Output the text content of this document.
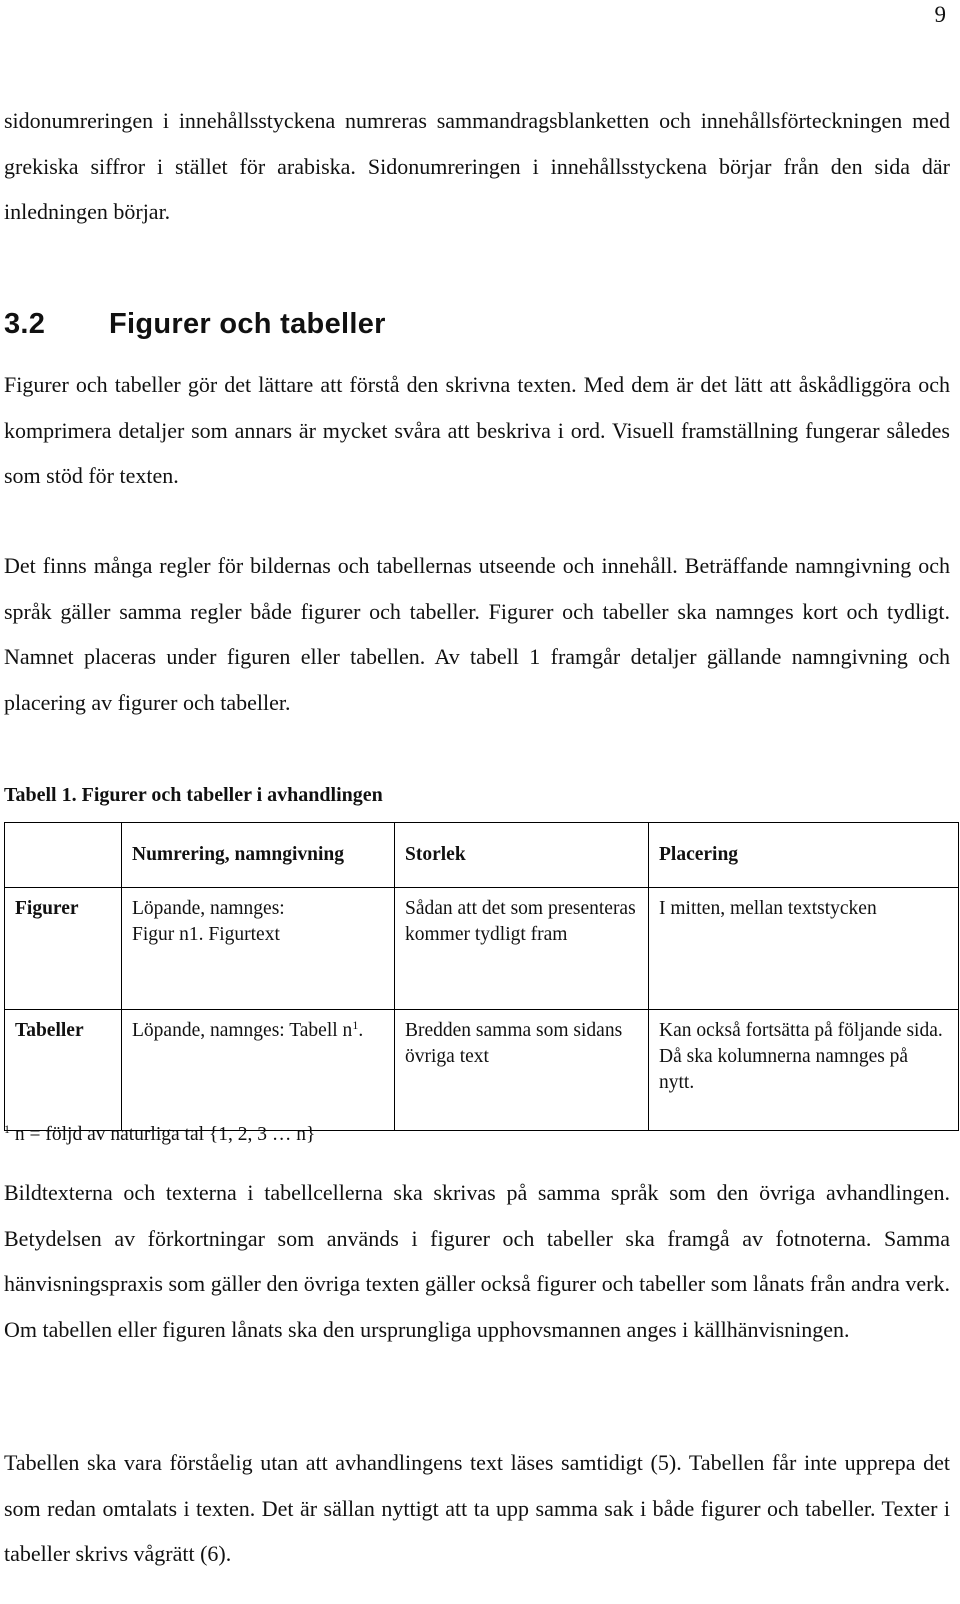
9

sidonumreringen i innehållsstyckena numreras sammandragsblanketten och innehållsförteckningen med grekiska siffror i stället för arabiska. Sidonumreringen i innehållsstyckena börjar från den sida där inledningen börjar.

3.2 Figurer och tabeller

Figurer och tabeller gör det lättare att förstå den skrivna texten. Med dem är det lätt att åskådliggöra och komprimera detaljer som annars är mycket svåra att beskriva i ord. Visuell framställning fungerar således som stöd för texten.

Det finns många regler för bildernas och tabellernas utseende och innehåll. Beträffande namngivning och språk gäller samma regler både figurer och tabeller. Figurer och tabeller ska namnges kort och tydligt. Namnet placeras under figuren eller tabellen. Av tabell 1 framgår detaljer gällande namngivning och placering av figurer och tabeller.

Tabell 1. Figurer och tabeller i avhandlingen

	Numrering, namngivning	Storlek	Placering
Figurer	Löpande, namnges:
Figur n1. Figurtext	Sådan att det som presenteras kommer tydligt fram	I mitten, mellan textstycken
Tabeller	Löpande, namnges: Tabell $n^1$.	Bredden samma som sidans övriga text	Kan också fortsätta på följande sida. Då ska kolumnerna namnges på nytt.

$^1$ n = följd av naturliga tal {1, 2, 3 … n}

Bildtexterna och texterna i tabellcellerna ska skrivas på samma språk som den övriga avhandlingen. Betydelsen av förkortningar som används i figurer och tabeller ska framgå av fotnoterna. Samma hänvisningspraxis som gäller den övriga texten gäller också figurer och tabeller som lånats från andra verk. Om tabellen eller figuren lånats ska den ursprungliga upphovsmannen anges i källhänvisningen.

Tabellen ska vara förståelig utan att avhandlingens text läses samtidigt (5). Tabellen får inte upprepa det som redan omtalats i texten. Det är sällan nyttigt att ta upp samma sak i både figurer och tabeller. Texter i tabeller skrivs vågrätt (6).
